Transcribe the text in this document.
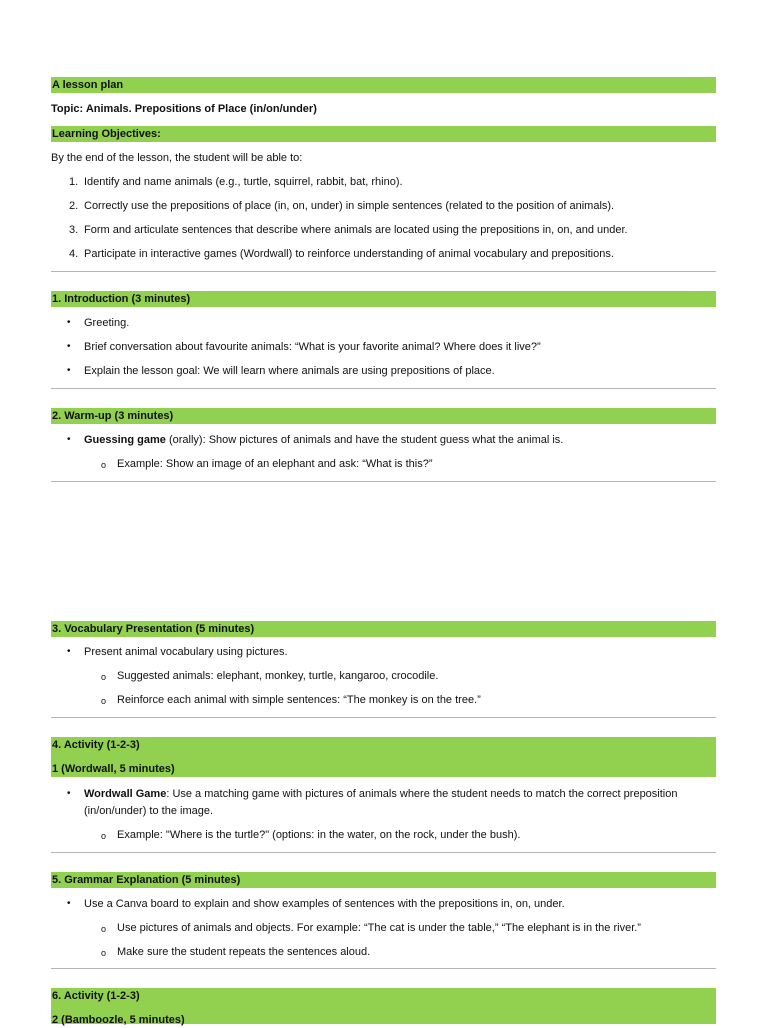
A lesson plan
Topic: Animals. Prepositions of Place (in/on/under)
Learning Objectives:
By the end of the lesson, the student will be able to:
1. Identify and name animals (e.g., turtle, squirrel, rabbit, bat, rhino).
2. Correctly use the prepositions of place (in, on, under) in simple sentences (related to the position of animals).
3. Form and articulate sentences that describe where animals are located using the prepositions in, on, and under.
4. Participate in interactive games (Wordwall) to reinforce understanding of animal vocabulary and prepositions.
1. Introduction (3 minutes)
• Greeting.
• Brief conversation about favourite animals: “What is your favorite animal? Where does it live?”
• Explain the lesson goal: We will learn where animals are using prepositions of place.
2. Warm-up (3 minutes)
• Guessing game (orally): Show pictures of animals and have the student guess what the animal is.
o Example: Show an image of an elephant and ask: “What is this?”
3. Vocabulary Presentation (5 minutes)
• Present animal vocabulary using pictures.
o Suggested animals: elephant, monkey, turtle, kangaroo, crocodile.
o Reinforce each animal with simple sentences: “The monkey is on the tree.”
4. Activity (1-2-3)
1 (Wordwall, 5 minutes)
• Wordwall Game: Use a matching game with pictures of animals where the student needs to match the correct preposition (in/on/under) to the image.
o Example: "Where is the turtle?" (options: in the water, on the rock, under the bush).
5. Grammar Explanation (5 minutes)
• Use a Canva board to explain and show examples of sentences with the prepositions in, on, under.
o Use pictures of animals and objects. For example: “The cat is under the table,” “The elephant is in the river.”
o Make sure the student repeats the sentences aloud.
6. Activity (1-2-3)
2 (Bamboozle, 5 minutes)
